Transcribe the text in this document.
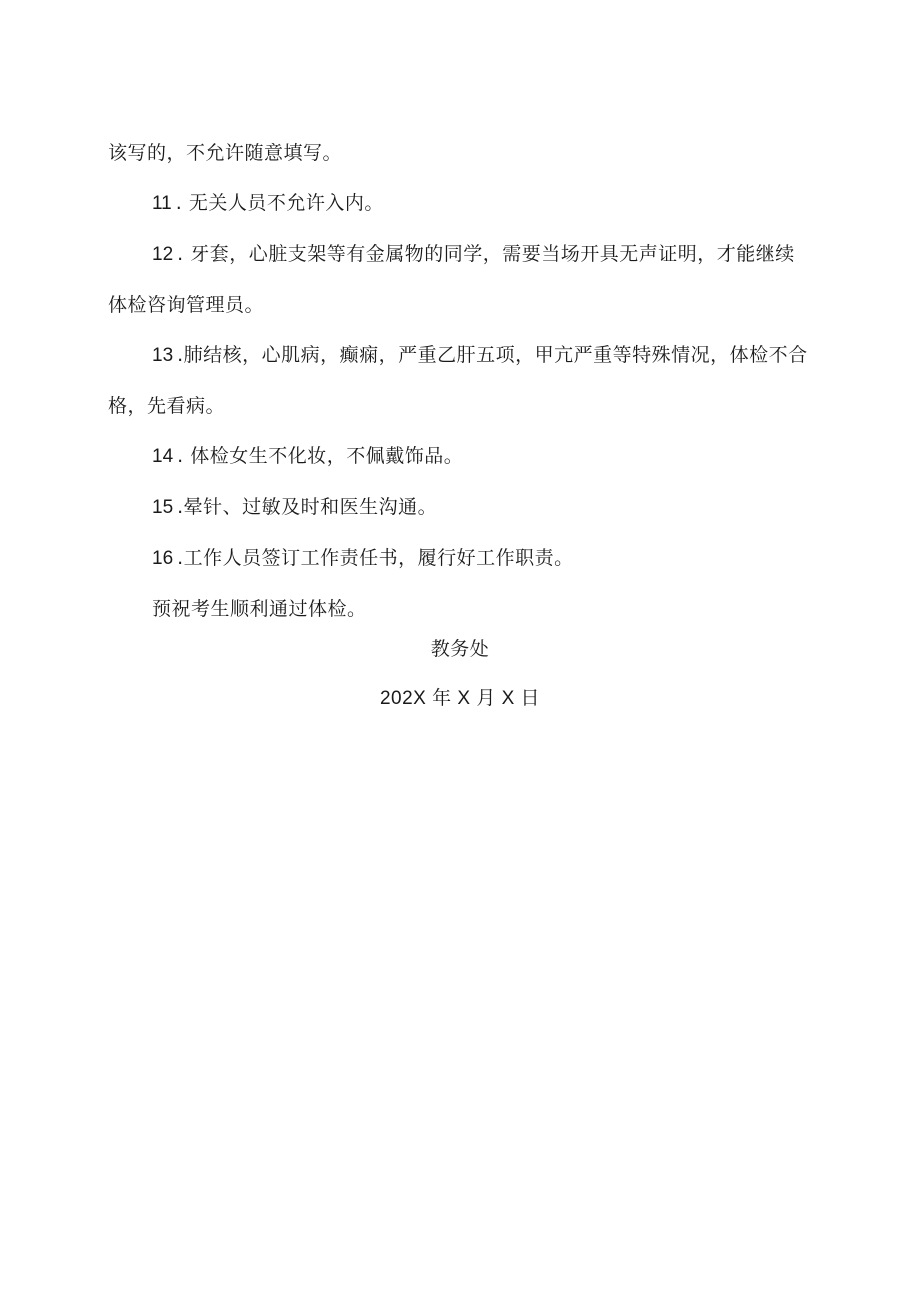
该写的，不允许随意填写。

11 . 无关人员不允许入内。

12 . 牙套，心脏支架等有金属物的同学，需要当场开具无声证明，才能继续体检咨询管理员。

13 .肺结核，心肌病，癫痫，严重乙肝五项，甲亢严重等特殊情况，体检不合格，先看病。

14 . 体检女生不化妆，不佩戴饰品。

15 .晕针、过敏及时和医生沟通。

16 .工作人员签订工作责任书，履行好工作职责。

预祝考生顺利通过体检。

教务处
202X 年 X 月 X 日
